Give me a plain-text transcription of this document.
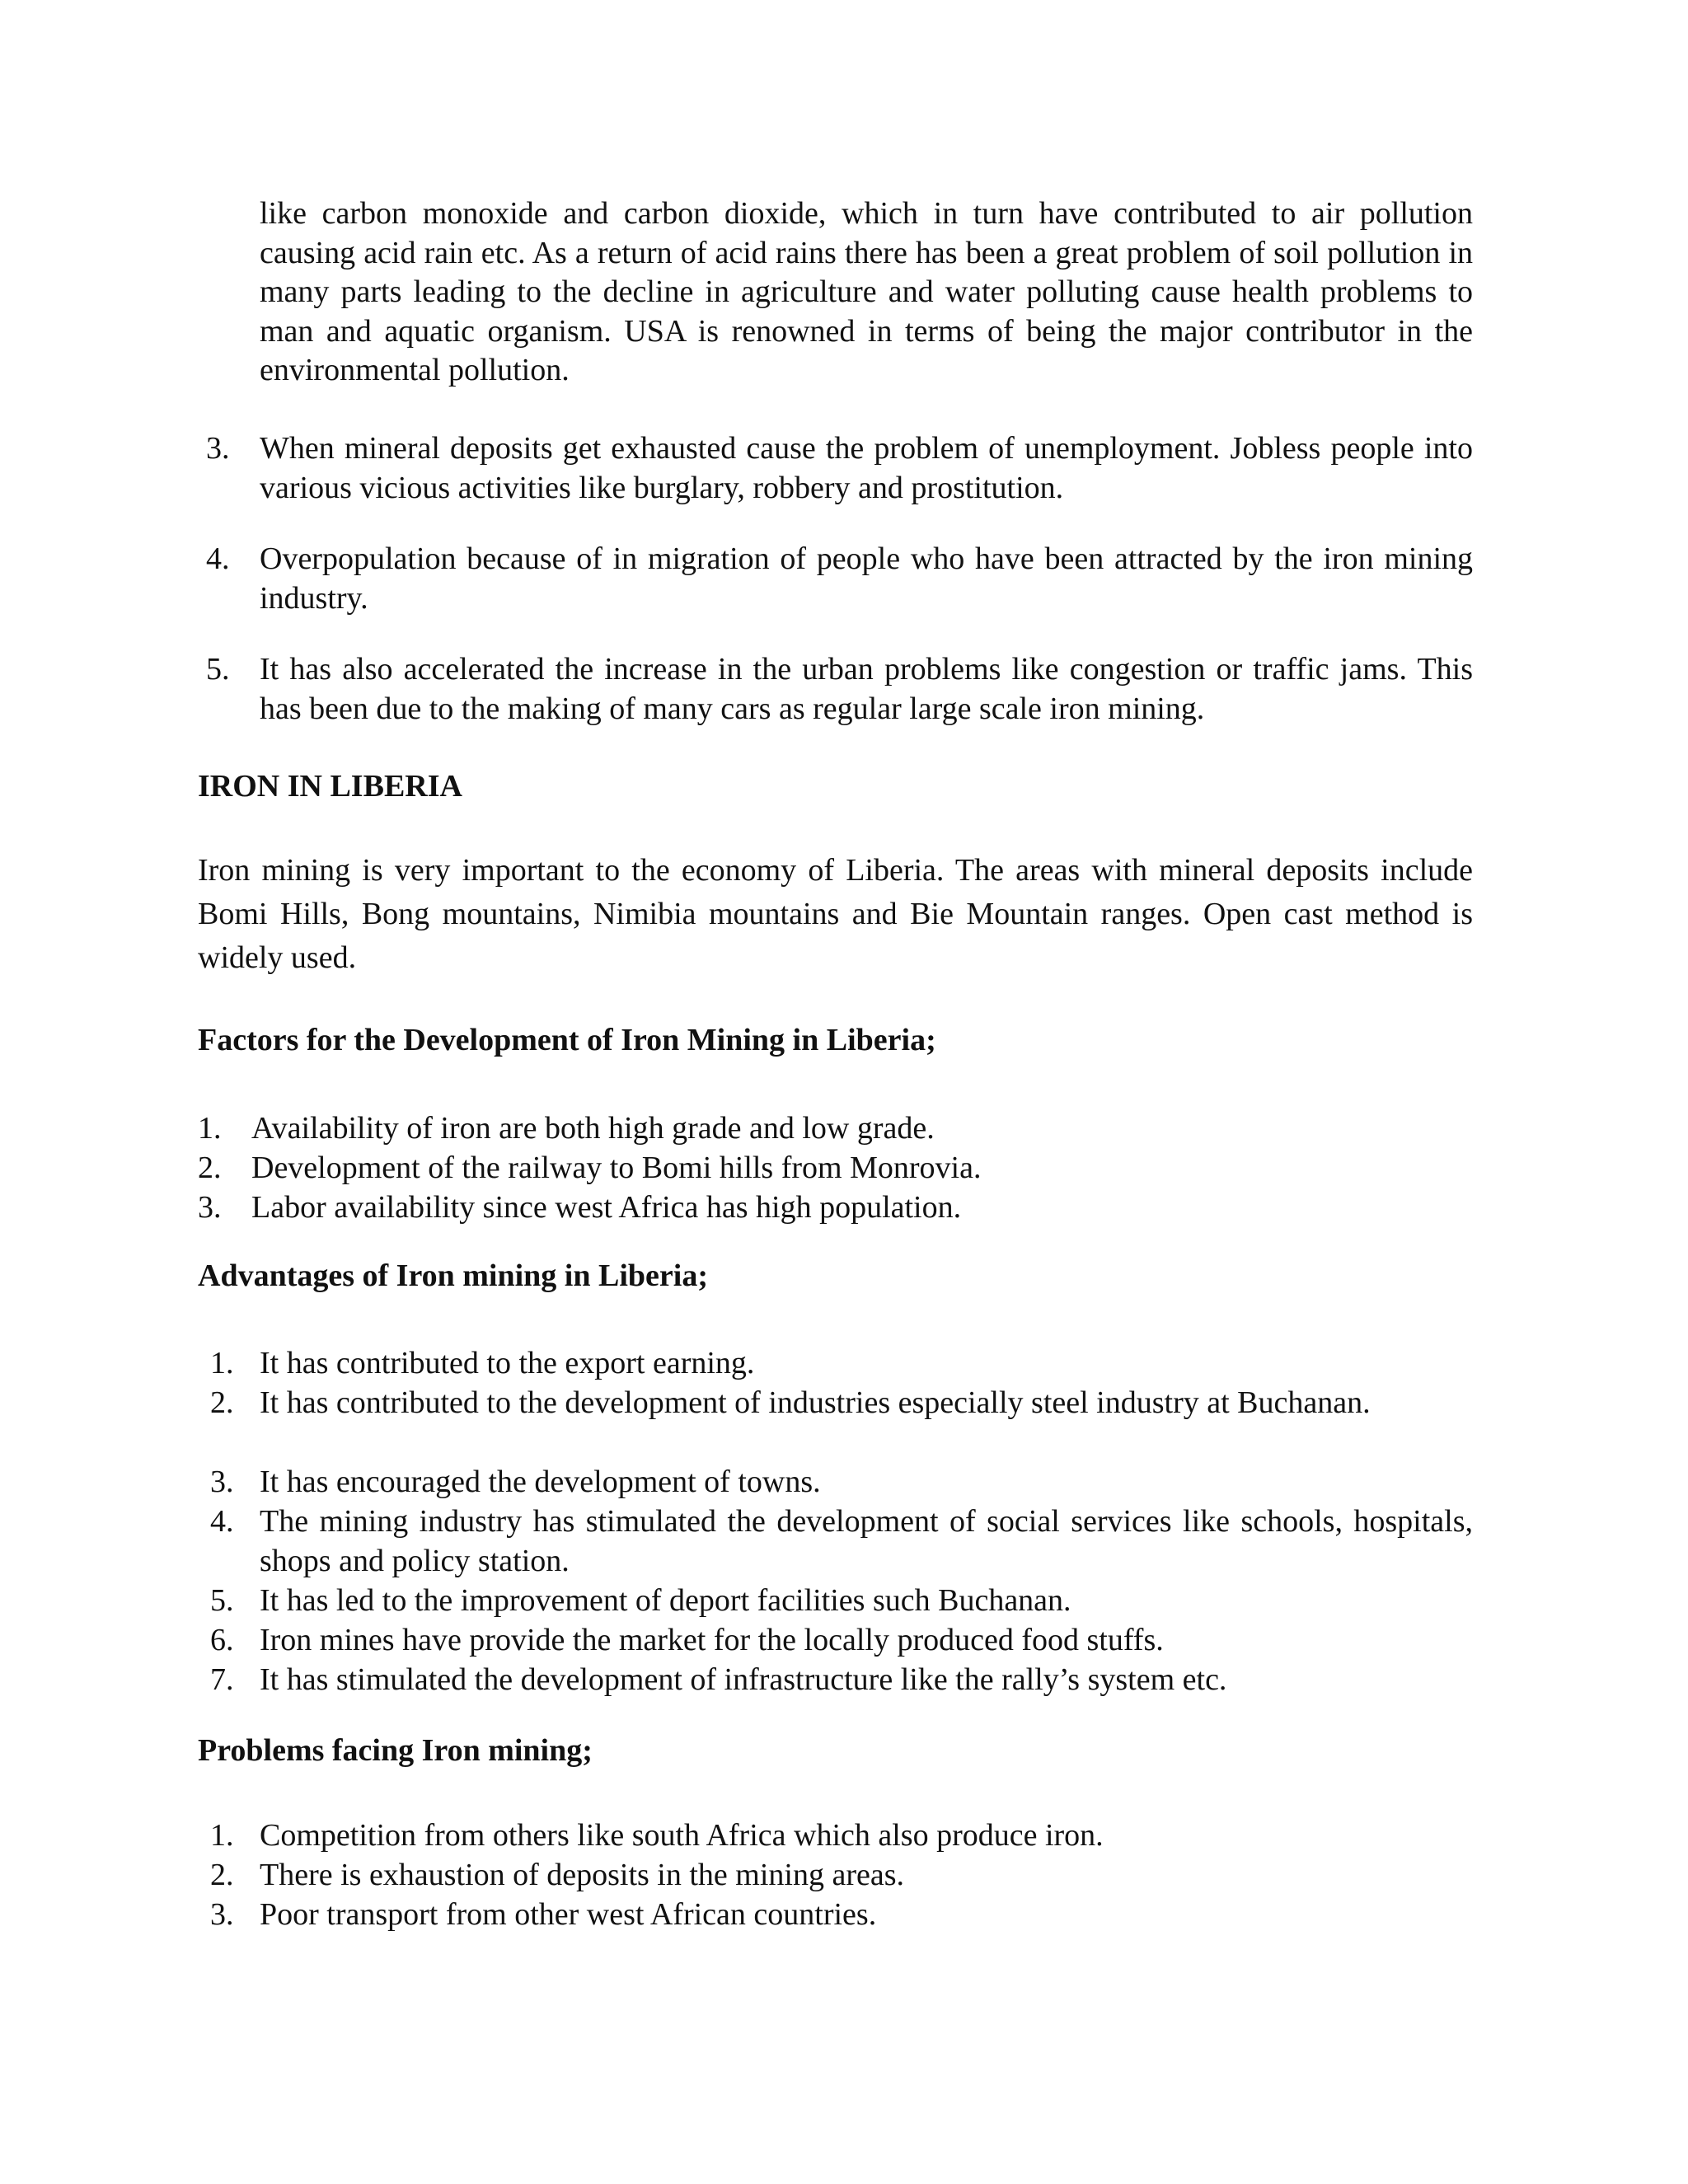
like carbon monoxide and carbon dioxide, which in turn have contributed to air pollution causing acid rain etc. As a return of acid rains there has been a great problem of soil pollution in many parts leading to the decline in agriculture and water polluting cause health problems to man and aquatic organism. USA is renowned in terms of being the major contributor in the environmental pollution.

3. When mineral deposits get exhausted cause the problem of unemployment. Jobless people into various vicious activities like burglary, robbery and prostitution.

4. Overpopulation because of in migration of people who have been attracted by the iron mining industry.

5. It has also accelerated the increase in the urban problems like congestion or traffic jams. This has been due to the making of many cars as regular large scale iron mining.

IRON IN LIBERIA

Iron mining is very important to the economy of Liberia. The areas with mineral deposits include Bomi Hills, Bong mountains, Nimibia mountains and Bie Mountain ranges. Open cast method is widely used.

Factors for the Development of Iron Mining in Liberia;
1. Availability of iron are both high grade and low grade.

2. Development of the railway to Bomi hills from Monrovia.

3. Labor availability since west Africa has high population.

Advantages of Iron mining in Liberia;
1. It has contributed to the export earning.

2. It has contributed to the development of industries especially steel industry at Buchanan.

3. It has encouraged the development of towns.

4. The mining industry has stimulated the development of social services like schools, hospitals, shops and policy station.

5. It has led to the improvement of deport facilities such Buchanan.

6. Iron mines have provide the market for the locally produced food stuffs.

7. It has stimulated the development of infrastructure like the rally’s system etc.

Problems facing Iron mining;
1. Competition from others like south Africa which also produce iron.

2. There is exhaustion of deposits in the mining areas.

3. Poor transport from other west African countries.
